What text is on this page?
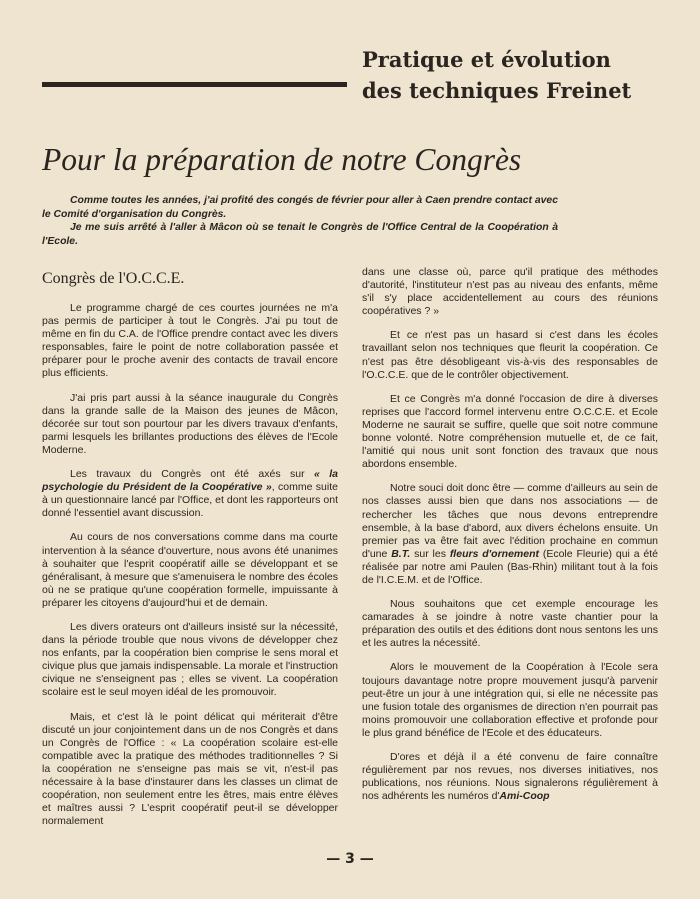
Pratique et évolution
des techniques Freinet
Pour la préparation de notre Congrès

Comme toutes les années, j'ai profité des congés de février pour aller à Caen prendre contact avec le Comité d'organisation du Congrès.

Je me suis arrêté à l'aller à Mâcon où se tenait le Congrès de l'Office Central de la Coopération à l'Ecole.

Congrès de l'O.C.C.E.

Le programme chargé de ces courtes journées ne m'a pas permis de participer à tout le Congrès. J'ai pu tout de même en fin du C.A. de l'Office prendre contact avec les divers responsables, faire le point de notre collaboration passée et préparer pour le proche avenir des contacts de travail encore plus efficients.

J'ai pris part aussi à la séance inaugurale du Congrès dans la grande salle de la Maison des jeunes de Mâcon, décorée sur tout son pourtour par les divers travaux d'enfants, parmi lesquels les brillantes productions des élèves de l'Ecole Moderne.

Les travaux du Congrès ont été axés sur « la psychologie du Président de la Coopérative », comme suite à un questionnaire lancé par l'Office, et dont les rapporteurs ont donné l'essentiel avant discussion.

Au cours de nos conversations comme dans ma courte intervention à la séance d'ouverture, nous avons été unanimes à souhaiter que l'esprit coopératif aille se développant et se généralisant, à mesure que s'amenuisera le nombre des écoles où ne se pratique qu'une coopération formelle, impuissante à préparer les citoyens d'aujourd'hui et de demain.

Les divers orateurs ont d'ailleurs insisté sur la nécessité, dans la période trouble que nous vivons de développer chez nos enfants, par la coopération bien comprise le sens moral et civique plus que jamais indispensable. La morale et l'instruction civique ne s'enseignent pas ; elles se vivent. La coopération scolaire est le seul moyen idéal de les promouvoir.

Mais, et c'est là le point délicat qui mériterait d'être discuté un jour conjointement dans un de nos Congrès et dans un Congrès de l'Office : « La coopération scolaire est-elle compatible avec la pratique des méthodes traditionnelles ? Si la coopération ne s'enseigne pas mais se vit, n'est-il pas nécessaire à la base d'instaurer dans les classes un climat de coopération, non seulement entre les êtres, mais entre élèves et maîtres aussi ? L'esprit coopératif peut-il se développer normalement

dans une classe où, parce qu'il pratique des méthodes d'autorité, l'instituteur n'est pas au niveau des enfants, même s'il s'y place accidentellement au cours des réunions coopératives ? »

Et ce n'est pas un hasard si c'est dans les écoles travaillant selon nos techniques que fleurit la coopération. Ce n'est pas être désobligeant vis-à-vis des responsables de l'O.C.C.E. que de le contrôler objectivement.

Et ce Congrès m'a donné l'occasion de dire à diverses reprises que l'accord formel intervenu entre O.C.C.E. et Ecole Moderne ne saurait se suffire, quelle que soit notre commune bonne volonté. Notre compréhension mutuelle et, de ce fait, l'amitié qui nous unit sont fonction des travaux que nous abordons ensemble.

Notre souci doit donc être — comme d'ailleurs au sein de nos classes aussi bien que dans nos associations — de rechercher les tâches que nous devons entreprendre ensemble, à la base d'abord, aux divers échelons ensuite. Un premier pas va être fait avec l'édition prochaine en commun d'une B.T. sur les fleurs d'ornement (Ecole Fleurie) qui a été réalisée par notre ami Paulen (Bas-Rhin) militant tout à la fois de l'I.C.E.M. et de l'Office.

Nous souhaitons que cet exemple encourage les camarades à se joindre à notre vaste chantier pour la préparation des outils et des éditions dont nous sentons les uns et les autres la nécessité.

Alors le mouvement de la Coopération à l'Ecole sera toujours davantage notre propre mouvement jusqu'à parvenir peut-être un jour à une intégration qui, si elle ne nécessite pas une fusion totale des organismes de direction n'en pourrait pas moins promouvoir une collaboration effective et profonde pour le plus grand bénéfice de l'Ecole et des éducateurs.

D'ores et déjà il a été convenu de faire connaître régulièrement par nos revues, nos diverses initiatives, nos publications, nos réunions. Nous signalerons régulièrement à nos adhérents les numéros d'Ami-Coop

— 3 —
